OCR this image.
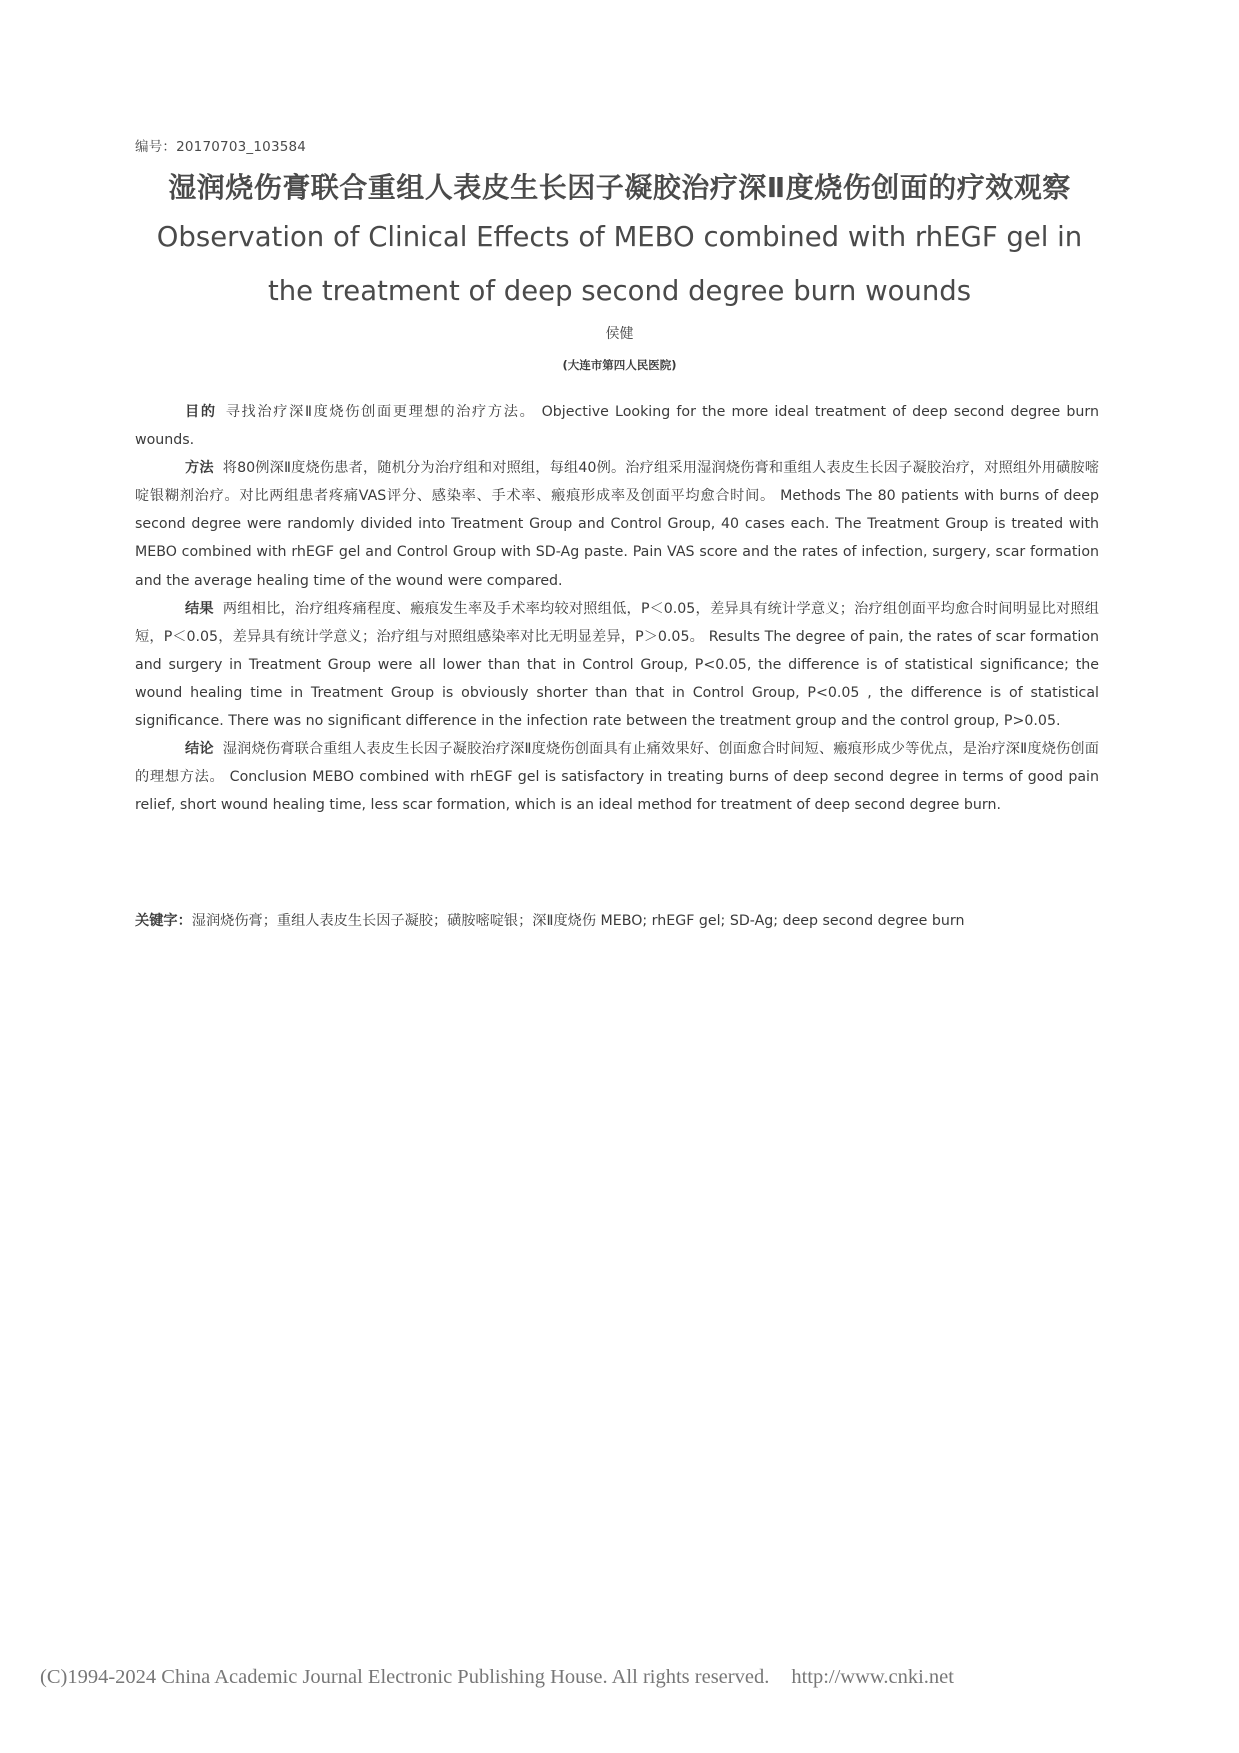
编号：20170703_103584
湿润烧伤膏联合重组人表皮生长因子凝胶治疗深Ⅱ度烧伤创面的疗效观察
Observation of Clinical Effects of MEBO combined with rhEGF gel in
the treatment of deep second degree burn wounds
侯健
(大连市第四人民医院)

目的 寻找治疗深Ⅱ度烧伤创面更理想的治疗方法。 Objective Looking for the more ideal treatment of deep second degree burn wounds.

方法 将80例深Ⅱ度烧伤患者，随机分为治疗组和对照组，每组40例。治疗组采用湿润烧伤膏和重组人表皮生长因子凝胶治疗，对照组外用磺胺嘧啶银糊剂治疗。对比两组患者疼痛VAS评分、感染率、手术率、瘢痕形成率及创面平均愈合时间。 Methods The 80 patients with burns of deep second degree were randomly divided into Treatment Group and Control Group, 40 cases each. The Treatment Group is treated with MEBO combined with rhEGF gel and Control Group with SD-Ag paste. Pain VAS score and the rates of infection, surgery, scar formation and the average healing time of the wound were compared.

结果 两组相比，治疗组疼痛程度、瘢痕发生率及手术率均较对照组低，P＜0.05，差异具有统计学意义；治疗组创面平均愈合时间明显比对照组短，P＜0.05，差异具有统计学意义；治疗组与对照组感染率对比无明显差异，P＞0.05。 Results The degree of pain, the rates of scar formation and surgery in Treatment Group were all lower than that in Control Group, P<0.05, the difference is of statistical significance; the wound healing time in Treatment Group is obviously shorter than that in Control Group, P<0.05 , the difference is of statistical significance. There was no significant difference in the infection rate between the treatment group and the control group, P>0.05.

结论 湿润烧伤膏联合重组人表皮生长因子凝胶治疗深Ⅱ度烧伤创面具有止痛效果好、创面愈合时间短、瘢痕形成少等优点，是治疗深Ⅱ度烧伤创面的理想方法。 Conclusion MEBO combined with rhEGF gel is satisfactory in treating burns of deep second degree in terms of good pain relief, short wound healing time, less scar formation, which is an ideal method for treatment of deep second degree burn.

关键字：湿润烧伤膏；重组人表皮生长因子凝胶；磺胺嘧啶银；深Ⅱ度烧伤 MEBO; rhEGF gel; SD-Ag; deep second degree burn
(C)1994-2024 China Academic Journal Electronic Publishing House. All rights reserved. http://www.cnki.net
